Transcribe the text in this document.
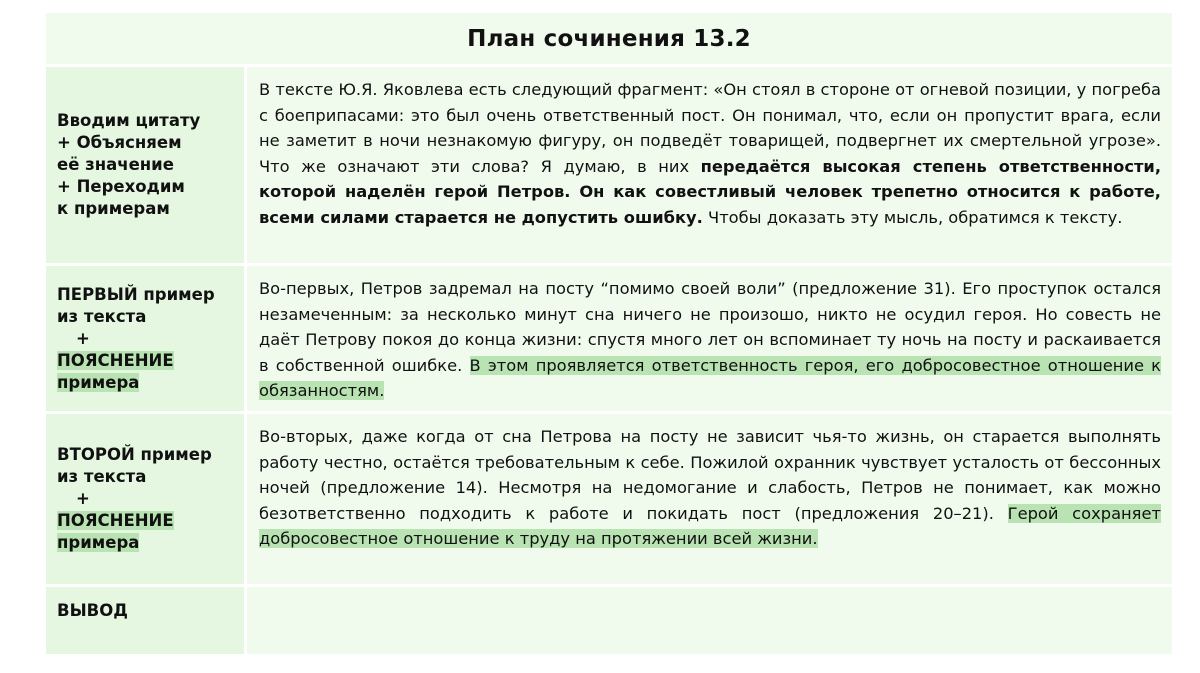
План сочинения 13.2
Вводим цитату
+ Объясняем
её значение
+ Переходим
к примерам
В тексте Ю.Я. Яковлева есть следующий фрагмент: «Он стоял в стороне от огневой позиции, у погреба с боеприпасами: это был очень ответственный пост. Он понимал, что, если он пропустит врага, если не заметит в ночи незнакомую фигуру, он подведёт товарищей, подвергнет их смертельной угрозе». Что же означают эти слова? Я думаю, в них передаётся высокая степень ответственности, которой наделён герой Петров. Он как совестливый человек трепетно относится к работе, всеми силами старается не допустить ошибку. Чтобы доказать эту мысль, обратимся к тексту.
ПЕРВЫЙ пример
из текста
+
ПОЯСНЕНИЕ
примера
Во-первых, Петров задремал на посту “помимо своей воли” (предложение 31). Его проступок остался незамеченным: за несколько минут сна ничего не произошо, никто не осудил героя. Но совесть не даёт Петрову покоя до конца жизни: спустя много лет он вспоминает ту ночь на посту и раскаивается в собственной ошибке. В этом проявляется ответственность героя, его добросовестное отношение к обязанностям.
ВТОРОЙ пример
из текста
+
ПОЯСНЕНИЕ
примера
Во-вторых, даже когда от сна Петрова на посту не зависит чья-то жизнь, он старается выполнять работу честно, остаётся требовательным к себе. Пожилой охранник чувствует усталость от бессонных ночей (предложение 14). Несмотря на недомогание и слабость, Петров не понимает, как можно безответственно подходить к работе и покидать пост (предложения 20–21). Герой сохраняет добросовестное отношение к труду на протяжении всей жизни.
ВЫВОД
